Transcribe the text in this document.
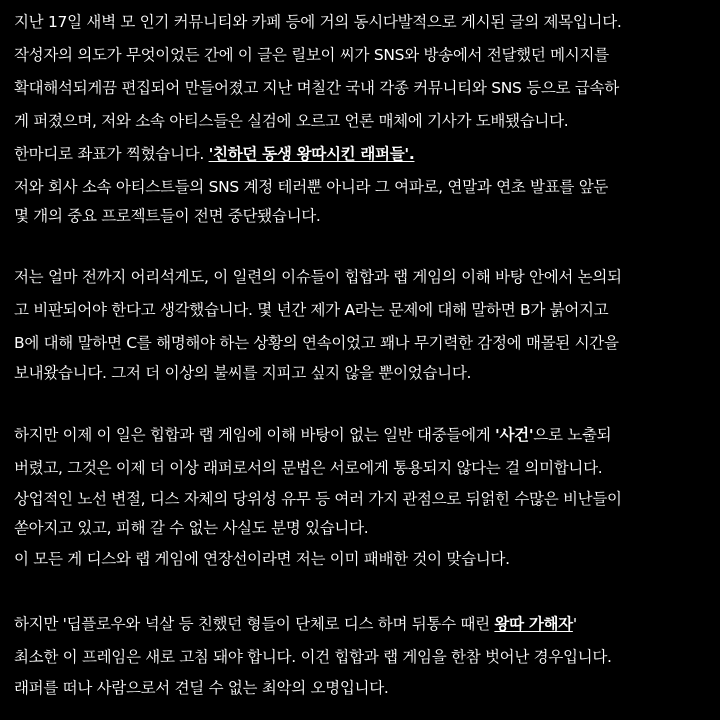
지난 17일 새벽 모 인기 커뮤니티와 카페 등에 거의 동시다발적으로 게시된 글의 제목입니다.
작성자의 의도가 무엇이었든 간에 이 글은 릴보이 씨가 SNS와 방송에서 전달했던 메시지를
확대해석되게끔 편집되어 만들어졌고 지난 며칠간 국내 각종 커뮤니티와 SNS 등으로 급속하
게 퍼졌으며, 저와 소속 아티스들은 실검에 오르고 언론 매체에 기사가 도배됐습니다.
한마디로 좌표가 찍혔습니다. '친하던 동생 왕따시킨 래퍼들'.
저와 회사 소속 아티스트들의 SNS 계정 테러뿐 아니라 그 여파로, 연말과 연초 발표를 앞둔
몇 개의 중요 프로젝트들이 전면 중단됐습니다.
저는 얼마 전까지 어리석게도, 이 일련의 이슈들이 힙합과 랩 게임의 이해 바탕 안에서 논의되
고 비판되어야 한다고 생각했습니다. 몇 년간 제가 A라는 문제에 대해 말하면 B가 붉어지고
B에 대해 말하면 C를 해명해야 하는 상황의 연속이었고 꽤나 무기력한 감정에 매몰된 시간을
보내왔습니다. 그저 더 이상의 불씨를 지피고 싶지 않을 뿐이었습니다.
하지만 이제 이 일은 힙합과 랩 게임에 이해 바탕이 없는 일반 대중들에게 '사건'으로 노출되
버렸고, 그것은 이제 더 이상 래퍼로서의 문법은 서로에게 통용되지 않다는 걸 의미합니다.
상업적인 노선 변절, 디스 자체의 당위성 유무 등 여러 가지 관점으로 뒤얽힌 수많은 비난들이
쏟아지고 있고, 피해 갈 수 없는 사실도 분명 있습니다.
이 모든 게 디스와 랩 게임에 연장선이라면 저는 이미 패배한 것이 맞습니다.
하지만 '딥플로우와 넉살 등 친했던 형들이 단체로 디스 하며 뒤통수 때린 왕따 가해자'
최소한 이 프레임은 새로 고침 돼야 합니다. 이건 힙합과 랩 게임을 한참 벗어난 경우입니다.
래퍼를 떠나 사람으로서 견딜 수 없는 최악의 오명입니다.
